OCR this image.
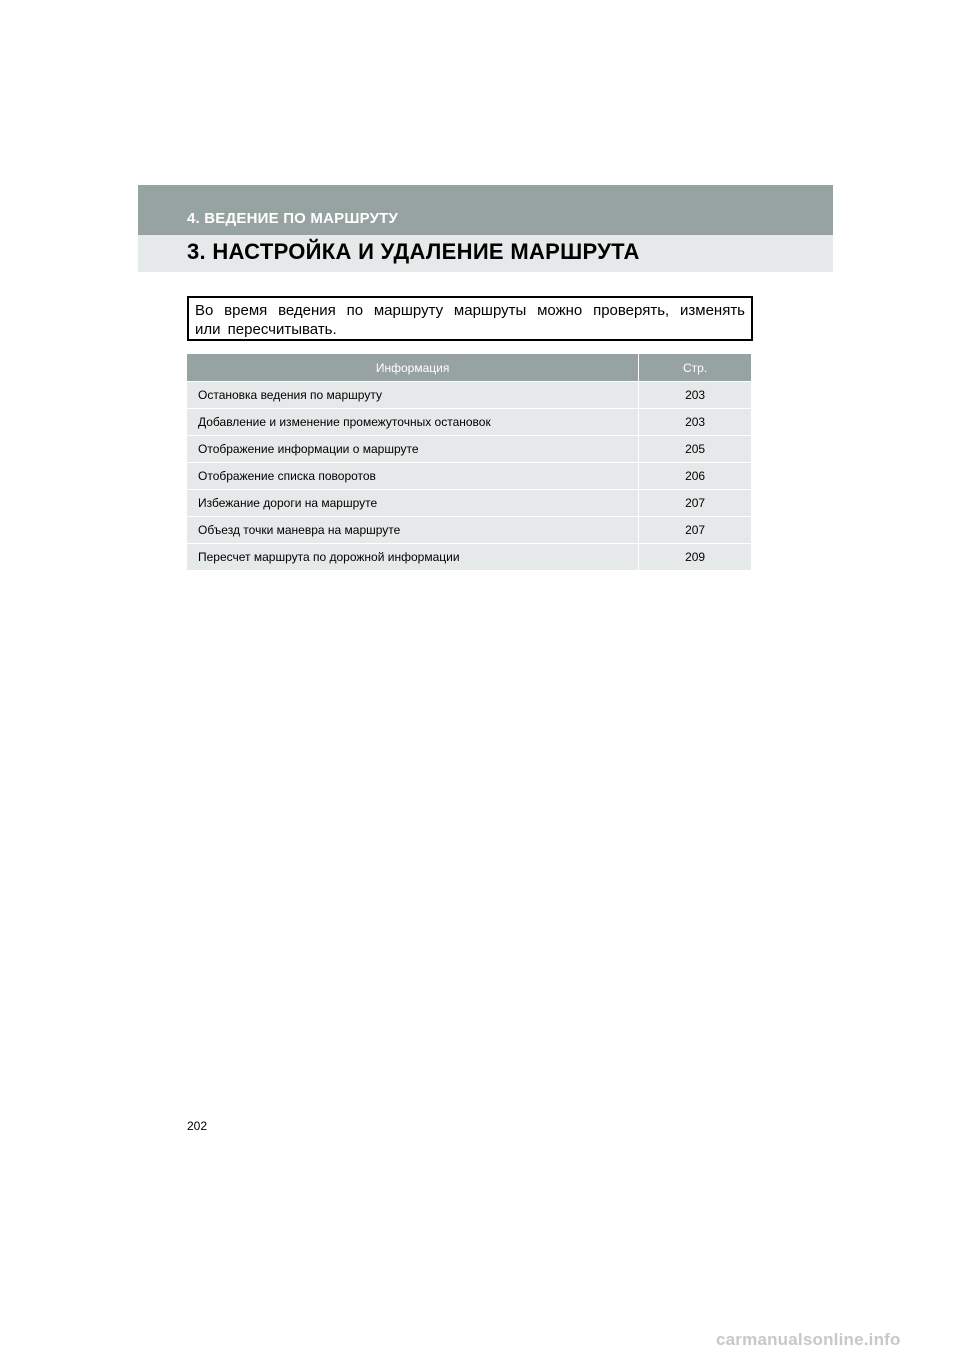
4. ВЕДЕНИЕ ПО МАРШРУТУ
3. НАСТРОЙКА И УДАЛЕНИЕ МАРШРУТА
Во время ведения по маршруту маршруты можно проверять, изменять или пересчитывать.
Информация	Стр.
Остановка ведения по маршруту	203
Добавление и изменение промежуточных остановок	203
Отображение информации о маршруте	205
Отображение списка поворотов	206
Избежание дороги на маршруте	207
Объезд точки маневра на маршруте	207
Пересчет маршрута по дорожной информации	209
202
carmanualsonline.info
